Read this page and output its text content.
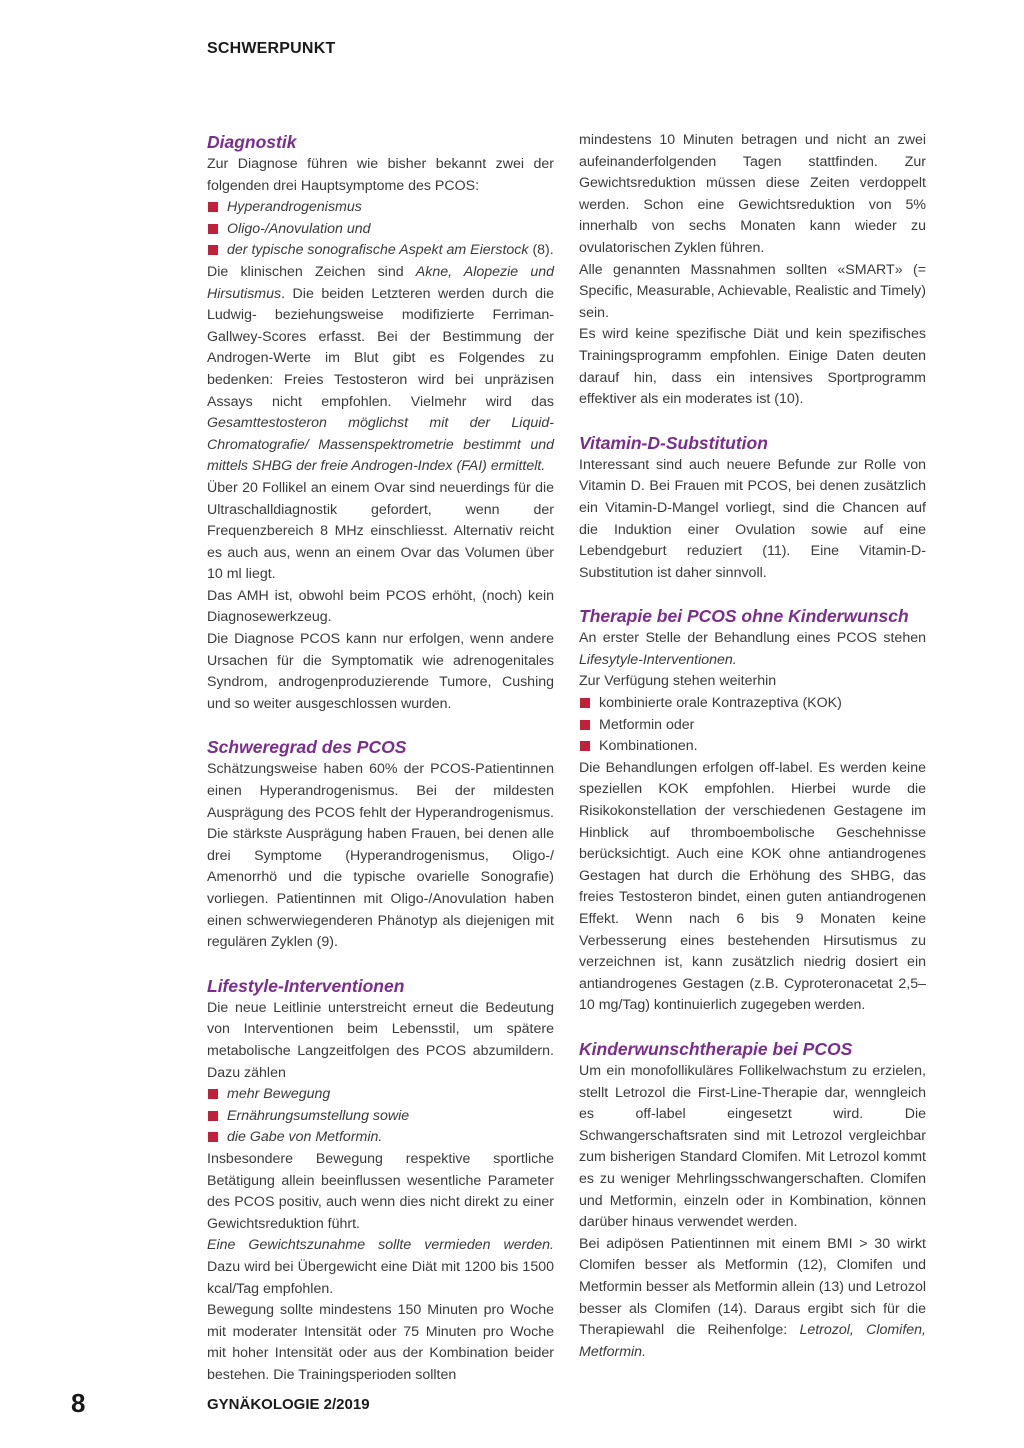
SCHWERPUNKT
Diagnostik

Zur Diagnose führen wie bisher bekannt zwei der folgenden drei Hauptsymptome des PCOS:

Hyperandrogenismus
Oligo-/Anovulation und
der typische sonografische Aspekt am Eierstock (8).

Die klinischen Zeichen sind Akne, Alopezie und Hirsutismus. Die beiden Letzteren werden durch die Ludwig- beziehungsweise modifizierte Ferriman-Gallwey-Scores erfasst. Bei der Bestimmung der Androgen-Werte im Blut gibt es Folgendes zu bedenken: Freies Testosteron wird bei unpräzisen Assays nicht empfohlen. Vielmehr wird das Gesamttestosteron möglichst mit der Liquid-Chromatografie/ Massenspektrometrie bestimmt und mittels SHBG der freie Androgen-Index (FAI) ermittelt.

Über 20 Follikel an einem Ovar sind neuerdings für die Ultraschalldiagnostik gefordert, wenn der Frequenzbereich 8 MHz einschliesst. Alternativ reicht es auch aus, wenn an einem Ovar das Volumen über 10 ml liegt.

Das AMH ist, obwohl beim PCOS erhöht, (noch) kein Diagnosewerkzeug.

Die Diagnose PCOS kann nur erfolgen, wenn andere Ursachen für die Symptomatik wie adrenogenitales Syndrom, androgenproduzierende Tumore, Cushing und so weiter ausgeschlossen wurden.

Schweregrad des PCOS

Schätzungsweise haben 60% der PCOS-Patientinnen einen Hyperandrogenismus. Bei der mildesten Ausprägung des PCOS fehlt der Hyperandrogenismus. Die stärkste Ausprägung haben Frauen, bei denen alle drei Symptome (Hyperandrogenismus, Oligo-/ Amenorrhö und die typische ovarielle Sonografie) vorliegen. Patientinnen mit Oligo-/Anovulation haben einen schwerwiegenderen Phänotyp als diejenigen mit regulären Zyklen (9).

Lifestyle-Interventionen

Die neue Leitlinie unterstreicht erneut die Bedeutung von Interventionen beim Lebensstil, um spätere metabolische Langzeitfolgen des PCOS abzumildern. Dazu zählen

mehr Bewegung
Ernährungsumstellung sowie
die Gabe von Metformin.

Insbesondere Bewegung respektive sportliche Betätigung allein beeinflussen wesentliche Parameter des PCOS positiv, auch wenn dies nicht direkt zu einer Gewichtsreduktion führt.

Eine Gewichtszunahme sollte vermieden werden. Dazu wird bei Übergewicht eine Diät mit 1200 bis 1500 kcal/Tag empfohlen.

Bewegung sollte mindestens 150 Minuten pro Woche mit moderater Intensität oder 75 Minuten pro Woche mit hoher Intensität oder aus der Kombination beider bestehen. Die Trainingsperioden sollten

mindestens 10 Minuten betragen und nicht an zwei aufeinanderfolgenden Tagen stattfinden. Zur Gewichtsreduktion müssen diese Zeiten verdoppelt werden. Schon eine Gewichtsreduktion von 5% innerhalb von sechs Monaten kann wieder zu ovulatorischen Zyklen führen.

Alle genannten Massnahmen sollten «SMART» (= Specific, Measurable, Achievable, Realistic and Timely) sein.

Es wird keine spezifische Diät und kein spezifisches Trainingsprogramm empfohlen. Einige Daten deuten darauf hin, dass ein intensives Sportprogramm effektiver als ein moderates ist (10).

Vitamin-D-Substitution

Interessant sind auch neuere Befunde zur Rolle von Vitamin D. Bei Frauen mit PCOS, bei denen zusätzlich ein Vitamin-D-Mangel vorliegt, sind die Chancen auf die Induktion einer Ovulation sowie auf eine Lebendgeburt reduziert (11). Eine Vitamin-D-Substitution ist daher sinnvoll.

Therapie bei PCOS ohne Kinderwunsch

An erster Stelle der Behandlung eines PCOS stehen Lifesytyle-Interventionen.

Zur Verfügung stehen weiterhin

kombinierte orale Kontrazeptiva (KOK)
Metformin oder
Kombinationen.

Die Behandlungen erfolgen off-label. Es werden keine speziellen KOK empfohlen. Hierbei wurde die Risikokonstellation der verschiedenen Gestagene im Hinblick auf thromboembolische Geschehnisse berücksichtigt. Auch eine KOK ohne antiandrogenes Gestagen hat durch die Erhöhung des SHBG, das freies Testosteron bindet, einen guten antiandrogenen Effekt. Wenn nach 6 bis 9 Monaten keine Verbesserung eines bestehenden Hirsutismus zu verzeichnen ist, kann zusätzlich niedrig dosiert ein antiandrogenes Gestagen (z.B. Cyproteronacetat 2,5–10 mg/Tag) kontinuierlich zugegeben werden.

Kinderwunschtherapie bei PCOS

Um ein monofollikuläres Follikelwachstum zu erzielen, stellt Letrozol die First-Line-Therapie dar, wenngleich es off-label eingesetzt wird. Die Schwangerschaftsraten sind mit Letrozol vergleichbar zum bisherigen Standard Clomifen. Mit Letrozol kommt es zu weniger Mehrlingsschwangerschaften. Clomifen und Metformin, einzeln oder in Kombination, können darüber hinaus verwendet werden.

Bei adipösen Patientinnen mit einem BMI > 30 wirkt Clomifen besser als Metformin (12), Clomifen und Metformin besser als Metformin allein (13) und Letrozol besser als Clomifen (14). Daraus ergibt sich für die Therapiewahl die Reihenfolge: Letrozol, Clomifen, Metformin.

8	GYNÄKOLOGIE 2/2019
